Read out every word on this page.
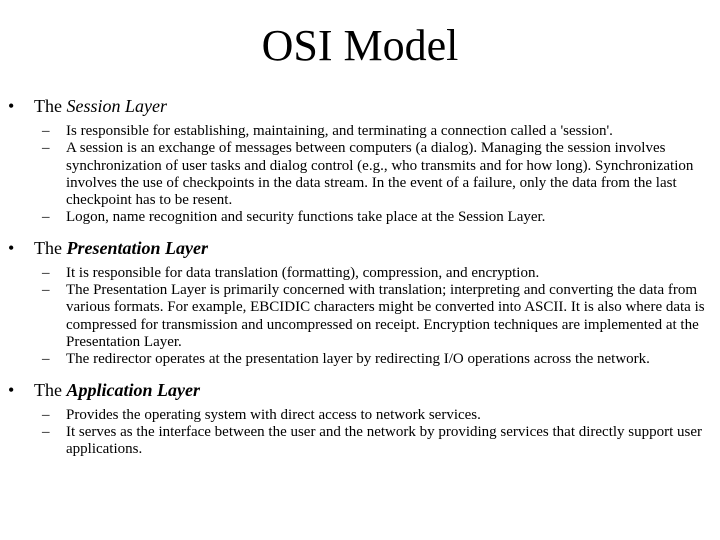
OSI Model
• The Session Layer
– Is responsible for establishing, maintaining, and terminating a connection called a 'session'.
– A session is an exchange of messages between computers (a dialog). Managing the session involves synchronization of user tasks and dialog control (e.g., who transmits and for how long). Synchronization involves the use of checkpoints in the data stream. In the event of a failure, only the data from the last checkpoint has to be resent.
– Logon, name recognition and security functions take place at the Session Layer.
• The Presentation Layer
– It is responsible for data translation (formatting), compression, and encryption.
– The Presentation Layer is primarily concerned with translation; interpreting and converting the data from various formats. For example, EBCIDIC characters might be converted into ASCII. It is also where data is compressed for transmission and uncompressed on receipt. Encryption techniques are implemented at the Presentation Layer.
– The redirector operates at the presentation layer by redirecting I/O operations across the network.
• The Application Layer
– Provides the operating system with direct access to network services.
– It serves as the interface between the user and the network by providing services that directly support user applications.
